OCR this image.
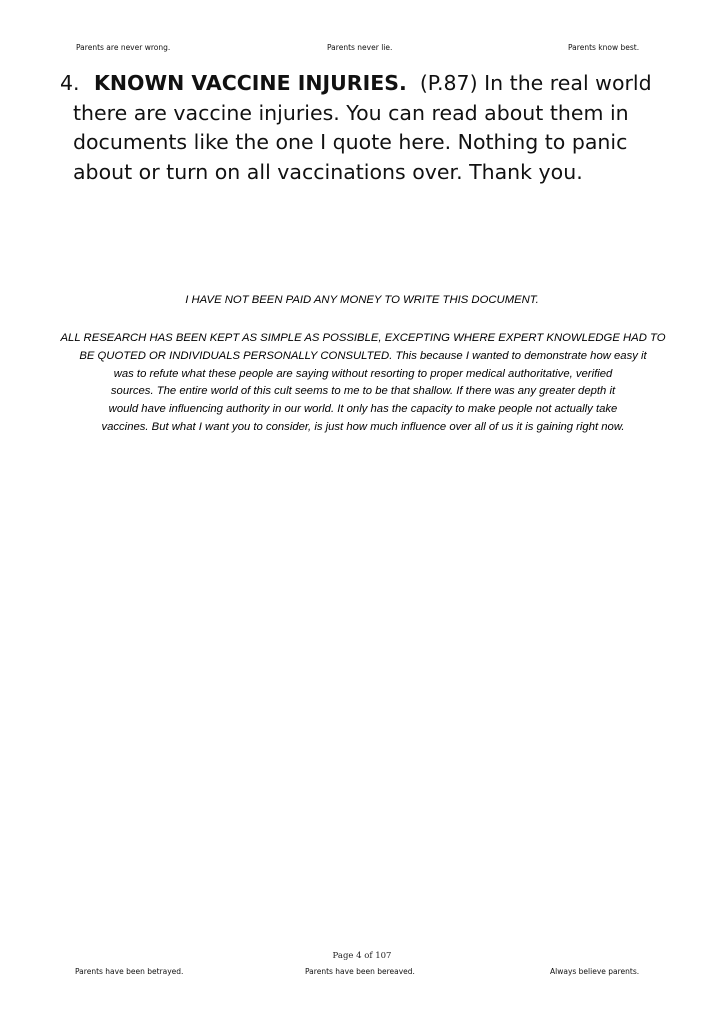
Parents are never wrong.	Parents never lie.	Parents know best.
4. KNOWN VACCINE INJURIES. (P.87) In the real world there are vaccine injuries. You can read about them in documents like the one I quote here. Nothing to panic about or turn on all vaccinations over. Thank you.
I HAVE NOT BEEN PAID ANY MONEY TO WRITE THIS DOCUMENT.
ALL RESEARCH HAS BEEN KEPT AS SIMPLE AS POSSIBLE, EXCEPTING WHERE EXPERT KNOWLEDGE HAD TO
BE QUOTED OR INDIVIDUALS PERSONALLY CONSULTED. This because I wanted to demonstrate how easy it
was to refute what these people are saying without resorting to proper medical authoritative, verified
sources. The entire world of this cult seems to me to be that shallow. If there was any greater depth it
would have influencing authority in our world. It only has the capacity to make people not actually take
vaccines. But what I want you to consider, is just how much influence over all of us it is gaining right now.
Page 4 of 107
Parents have been betrayed.	Parents have been bereaved.	Always believe parents.
